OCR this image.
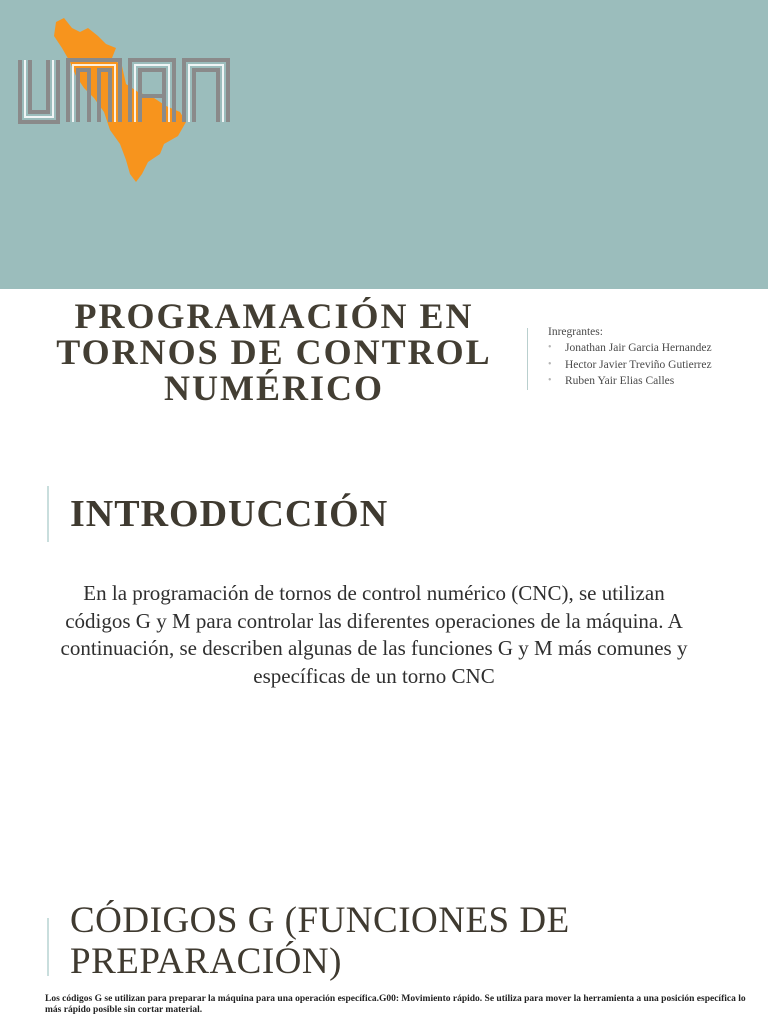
PROGRAMACIÓN EN
TORNOS DE CONTROL
NUMÉRICO
Inregrantes:
• Jonathan Jair Garcia Hernandez
• Hector Javier Treviño Gutierrez
• Ruben Yair Elias Calles
INTRODUCCIÓN
En la programación de tornos de control numérico (CNC), se utilizan códigos G y M para controlar las diferentes operaciones de la máquina. A continuación, se describen algunas de las funciones G y M más comunes y específicas de un torno CNC
CÓDIGOS G (FUNCIONES DE
PREPARACIÓN)
Los códigos G se utilizan para preparar la máquina para una operación específica.G00: Movimiento rápido. Se utiliza para mover la herramienta a una posición específica lo más rápido posible sin cortar material.
